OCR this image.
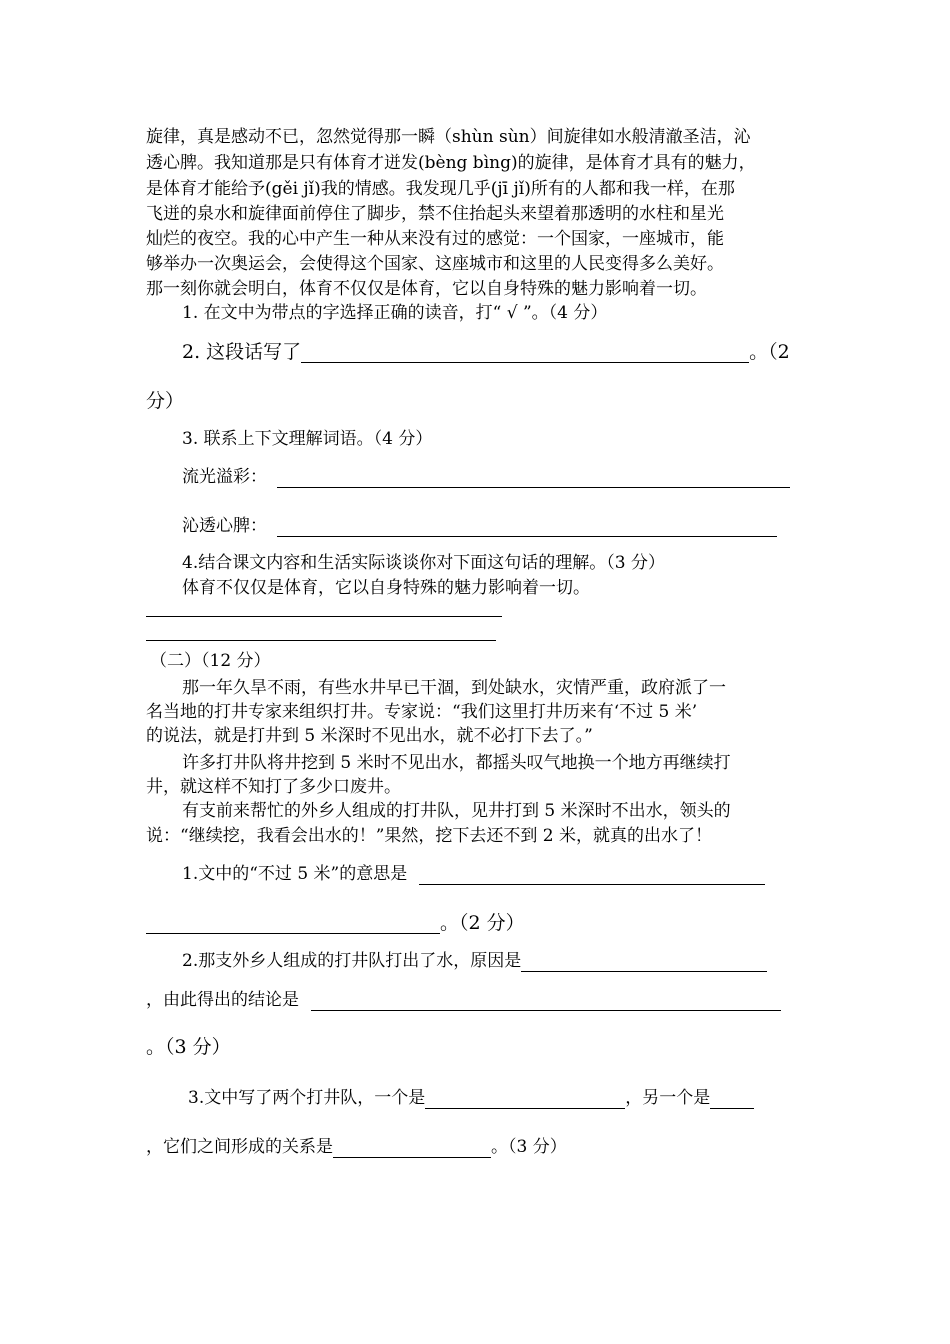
旋律，真是感动不已，忽然觉得那一瞬（shùn sùn）间旋律如水般清澈圣洁，沁
透心脾。我知道那是只有体育才迸发(bèng bìng)的旋律，是体育才具有的魅力，
是体育才能给予(gěi jǐ)我的情感。我发现几乎(jī jǐ)所有的人都和我一样，在那
飞迸的泉水和旋律面前停住了脚步，禁不住抬起头来望着那透明的水柱和星光
灿烂的夜空。我的心中产生一种从来没有过的感觉：一个国家，一座城市，能
够举办一次奥运会，会使得这个国家、这座城市和这里的人民变得多么美好。
那一刻你就会明白，体育不仅仅是体育，它以自身特殊的魅力影响着一切。
1. 在文中为带点的字选择正确的读音，打“ √ ”。（4 分）
2. 这段话写了	。（2
分）
3. 联系上下文理解词语。（4 分）
流光溢彩：
沁透心脾：
4.结合课文内容和生活实际谈谈你对下面这句话的理解。（3 分）
体育不仅仅是体育，它以自身特殊的魅力影响着一切。
（二）（12 分）
那一年久旱不雨，有些水井早已干涸，到处缺水，灾情严重，政府派了一
名当地的打井专家来组织打井。专家说：“我们这里打井历来有‘不过 5 米’
的说法，就是打井到 5 米深时不见出水，就不必打下去了。”
许多打井队将井挖到 5 米时不见出水，都摇头叹气地换一个地方再继续打
井，就这样不知打了多少口废井。
有支前来帮忙的外乡人组成的打井队，见井打到 5 米深时不出水，领头的
说：“继续挖，我看会出水的！”果然，挖下去还不到 2 米，就真的出水了！
1.文中的“不过 5 米”的意思是
。（2 分）
2.那支外乡人组成的打井队打出了水，原因是
，由此得出的结论是
。（3 分）
3.文中写了两个打井队，一个是	，另一个是
，它们之间形成的关系是	。（3 分）
